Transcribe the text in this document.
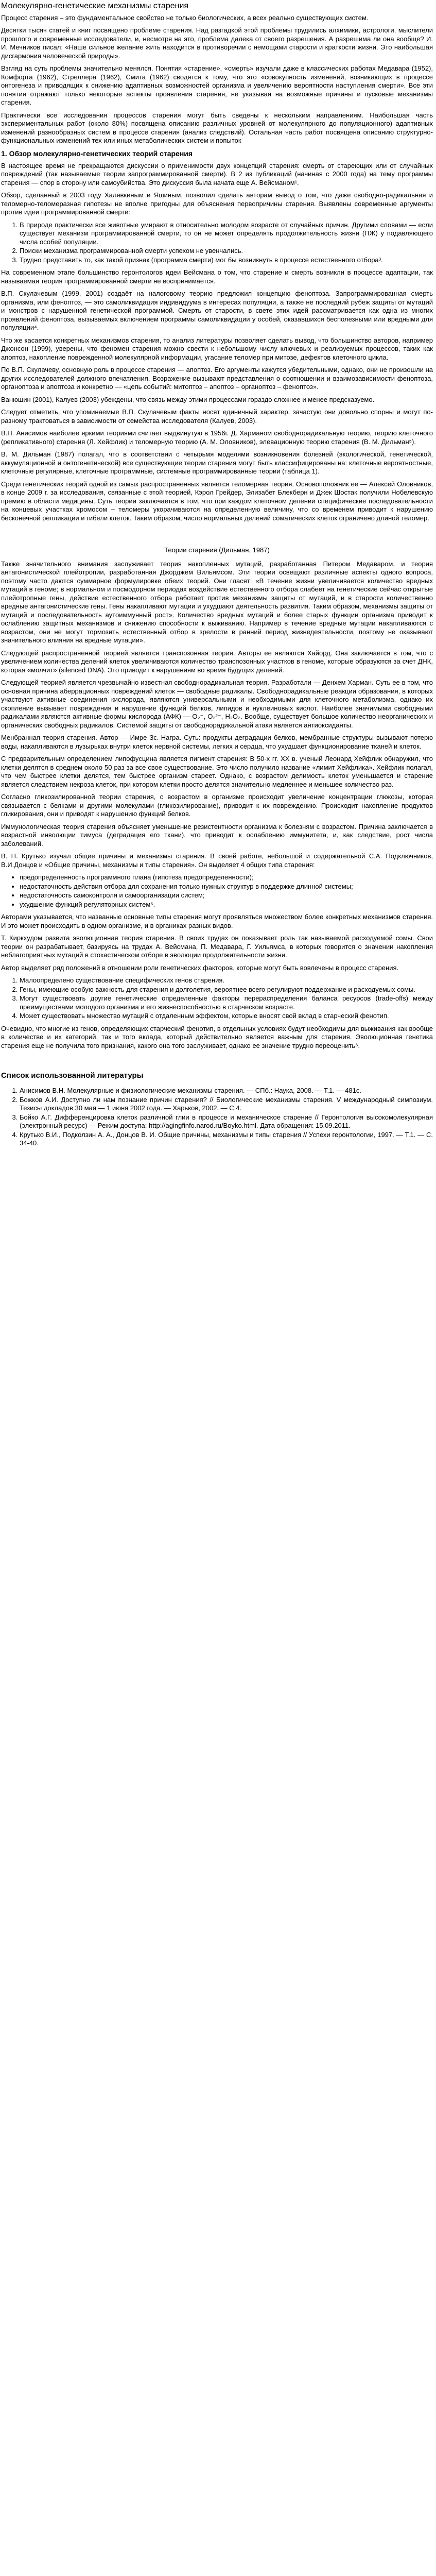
Молекулярно-генетические механизмы старения

Процесс старения – это фундаментальное свойство не только биологических, а всех реально существующих систем.

Десятки тысяч статей и книг посвящено проблеме старения. Над разгадкой этой проблемы трудились алхимики, астрологи, мыслители прошлого и современные исследователи, и, несмотря на это, проблема далека от своего разрешения. А разрешима ли она вообще? И. И. Мечников писал: «Наше сильное желание жить находится в противоречии с немощами старости и краткости жизни. Это наибольшая дисгармония человеческой природы».

Взгляд на суть проблемы значительно менялся. Понятия «старение», «смерть» изучали даже в классических работах Медавара (1952), Комфорта (1962), Стреллера (1962), Смита (1962) сводятся к тому, что это «совокупность изменений, возникающих в процессе онтогенеза и приводящих к снижению адаптивных возможностей организма и увеличению вероятности наступления смерти». Все эти понятия отражают только некоторые аспекты проявления старения, не указывая на возможные причины и пусковые механизмы старения.

Практически все исследования процессов старения могут быть сведены к нескольким направлениям. Наибольшая часть экспериментальных работ (около 80%) посвящена описанию различных уровней от молекулярного до популяционного) адаптивных изменений разнообразных систем в процессе старения (анализ следствий). Остальная часть работ посвящена описанию структурно-функциональных изменений тех или иных метаболических систем и попыток

1. Обзор молекулярно-генетических теорий старения

В настоящее время не прекращаются дискуссии о применимости двух концепций старения: смерть от стареющих или от случайных повреждений (так называемые теории запрограммированной смерти). В 2 из публикаций (начиная с 2000 года) на тему программы старения — спор в сторону или самоубийства. Это дискуссия была начата еще А. Вейсманом¹.

Обзор, сделанный в 2003 году Халявкиным и Яшиным, позволил сделать авторам вывод о том, что даже свободно-радикальная и теломерно-теломеразная гипотезы не вполне пригодны для объяснения первопричины старения. Выявлены современные аргументы против идеи программированной смерти:

1. В природе практически все животные умирают в относительно молодом возрасте от случайных причин. Другими словами — если существует механизм программированной смерти, то он не может определять продолжительность жизни (ПЖ) у подавляющего числа особей популяции.
2. Поиски механизма программированной смерти успехом не увенчались.
3. Трудно представить то, как такой признак (программа смерти) мог бы возникнуть в процессе естественного отбора³.

На современном этапе большинство геронтологов идеи Вейсмана о том, что старение и смерть возникли в процессе адаптации, так называемая теория программированной смерти не воспринимается.

В.П. Скулачевым (1999, 2001) создаёт на налоговому теорию предложил концепцию феноптоза. Запрограммированная смерть организма, или феноптоз, — это самоликвидация индивидуума в интересах популяции, а также не последний рубеж защиты от мутаций и монстров с нарушенной генетической программой. Смерть от старости, в свете этих идей рассматривается как одна из многих проявлений феноптоза, вызываемых включением программы самоликвидации у особей, оказавшихся бесполезными или вредными для популяции⁴.

Что же касается конкретных механизмов старения, то анализ литературы позволяет сделать вывод, что большинство авторов, например Джонсон (1999), уверены, что феномен старения можно свести к небольшому числу ключевых и реализуемых процессов, таких как апоптоз, накопление поврежденной молекулярной информации, угасание теломер при митозе, дефектов клеточного цикла.

По В.П. Скулачеву, основную роль в процессе старения — апоптоз. Его аргументы кажутся убедительными, однако, они не произошли на других исследователей должного впечатления. Возражение вызывают представления о соотношении и взаимозависимости феноптоза, органоптоза и апоптоза и конкретно — «цепь событий: митоптоз – апоптоз – органоптоз – феноптоз».

Ванюшин (2001), Калуев (2003) убеждены, что связь между этими процессами гораздо сложнее и менее предсказуемо.

Следует отметить, что упоминаемые В.П. Скулачевым факты носят единичный характер, зачастую они довольно спорны и могут по-разному трактоваться в зависимости от семейства исследователя (Калуев, 2003).

В.Н. Анисимов наиболее яркими теориями считает выдвинутую в 1956г. Д. Харманом свободнорадикальную теорию, теорию клеточного (репликативного) старения (Л. Хейфлик) и теломерную теорию (А. М. Оловников), элевационную теорию старения (В. М. Дильман⁵).

В. М. Дильман (1987) полагал, что в соответствии с четырьмя моделями возникновения болезней (экологической, генетической, аккумуляционной и онтогенетической) все существующие теории старения могут быть классифицированы на: клеточные вероятностные, клеточные регулярные, клеточные программные, системные программированные теории (таблица 1).

Среди генетических теорий одной из самых распространенных является теломерная теория. Основоположник ее — Алексей Оловников, в конце 2009 г. за исследования, связанные с этой теорией, Кэрол Грейдер, Элизабет Блекберн и Джек Шостак получили Нобелевскую премию в области медицины. Суть теории заключается в том, что при каждом клеточном делении специфические последовательности на концевых участках хромосом – теломеры укорачиваются на определенную величину, что со временем приводит к нарушению бесконечной репликации и гибели клеток. Таким образом, число нормальных делений соматических клеток ограничено длиной теломер.

Теории старения (Дильман, 1987)

Также значительного внимания заслуживает теория накопленных мутаций, разработанная Питером Медаваром, и теория антагонистической плейотропии, разработанная Джорджем Вильямсом. Эти теории освещают различные аспекты одного вопроса, поэтому часто даются суммарное формулировке обеих теорий. Они гласят: «В течение жизни увеличивается количество вредных мутаций в геноме; в нормальном и посмодорном периодах воздействие естественного отбора слабеет на генетические сейчас открытые плейотропные гены, действие естественного отбора работает против механизмы защиты от мутаций, и в старости количественно вредные антагонистические гены. Гены накапливают мутации и ухудшают деятельность развития. Таким образом, механизмы защиты от мутаций и последовательность аутоиммунный рост». Количество вредных мутаций и более старых функции организма приводит к ослаблению защитных механизмов и снижению способности к выживанию. Например в течение вредные мутации накапливаются с возрастом, они не могут тормозить естественный отбор в зрелости в ранний период жизнедеятельности, поэтому не оказывают значительного влияния на вредные мутации».

Следующей распространенной теорией является транспозонная теория. Авторы ее являются Хайорд. Она заключается в том, что с увеличением количества делений клеток увеличиваются количество транспозонных участков в геноме, которые образуются за счет ДНК, которая «молчит» (silenced DNA). Это приводит к нарушениям во время будущих делений.

Следующей теорией является чрезвычайно известная свободнорадикальная теория. Разработали — Денхем Харман. Суть ее в том, что основная причина аберрационных повреждений клеток — свободные радикалы. Свободнорадикальные реакции образования, в которых участвуют активные соединения кислорода, являются универсальными и необходимыми для клеточного метаболизма, однако их скопление вызывает повреждения и нарушение функций белков, липидов и нуклеиновых кислот. Наиболее значимыми свободными радикалами являются активные формы кислорода (АФК) — O₂⁻, O₂²⁻, H₂O₂. Вообще, существует большое количество неорганических и органических свободных радикалов. Системой защиты от свободнорадикальной атаки является антиоксиданты.

Менбранная теория старения. Автор — Имре Зс.-Награ. Суть: продукты деградации белков, мембранные структуры вызывают потерю воды, накапливаются в лузырьках внутри клеток нервной системы, легких и сердца, что ухудшает функционирование тканей и клеток.

С предварительным определением липофусцина является пигмент старения: В 50-х гг. XX в. ученый Леонард Хейфлик обнаружил, что клетки делятся в среднем около 50 раз за все свое существование. Это число получило название «лимит Хейфлика». Хейфлик полагал, что чем быстрее клетки делятся, тем быстрее организм стареет. Однако, с возрастом делимость клеток уменьшается и старение является следствием некроза клеток, при котором клетки просто делятся значительно медленнее и меньшее количество раз.

Согласно гликозилированной теории старения, с возрастом в организме происходит увеличение концентрации глюкозы, которая связывается с белками и другими молекулами (гликозилирование), приводит к их повреждению. Происходит накопление продуктов гликирования, они и приводят к нарушению функций белков.

Иммунологическая теория старения объясняет уменьшение резистентности организма к болезням с возрастом. Причина заключается в возрастной инволюции тимуса (деградация его ткани), что приводит к ослаблению иммунитета, и, как следствие, рост числа заболеваний.

В. Н. Крутько изучал общие причины и механизмы старения. В своей работе, небольшой и содержательной С.А. Подключников, В.И.Донцов и «Общие причины, механизмы и типы старения». Он выделяет 4 общих типа старения:

• предопределенность программного плана (гипотеза предопределенности);
• недостаточность действия отбора для сохранения только нужных структур в поддержке длинной системы;
• недостаточность самоконтроля и самоорганизации систем;
• ухудшение функций регуляторных систем⁶.

Авторами указывается, что названные основные типы старения могут проявляться множеством более конкретных механизмов старения. И это может происходить в одном организме, и в органиках разных видов.

Т. Киркхудом развита эволюционная теория старения. В своих трудах он показывает роль так называемой расходуемой сомы. Свои теории он разрабатывает, базируясь на трудах А. Вейсмана, П. Медавара, Г. Уильямса, в которых говорится о значении накопления неблагоприятных мутаций в стохастическом отборе в эволюции продолжительности жизни.

Автор выделяет ряд положений в отношении роли генетических факторов, которые могут быть вовлечены в процесс старения.

1. Малоопределено существование специфических генов старения.
2. Гены, имеющие особую важность для старения и долголетия, вероятнее всего регулируют поддержание и расходуемых сомы.
3. Могут существовать другие генетические определенные факторы перераспределения баланса ресурсов (trade-offs) между преимуществами молодого организма и его жизнеспособностью в старческом возрасте.
4. Может существовать множество мутаций с отдаленным эффектом, которые вносят свой вклад в старческий фенотип.

Очевидно, что многие из генов, определяющих старческий фенотип, в отдельных условиях будут необходимы для выживания как вообще в количестве и их категорий, так и того вклада, который действительно является важным для старения. Эволюционная генетика старения еще не получила того признания, какого она того заслуживает, однако ее значение трудно переоценить⁶.

Список использованной литературы
1. Анисимов В.Н. Молекулярные и физиологические механизмы старения. — СПб.: Наука, 2008. — Т.1. — 481с.
2. Божков А.И. Доступно ли нам познание причин старения? // Биологические механизмы старения. V международный симпозиум. Тезисы докладов 30 мая — 1 июня 2002 года. — Харьков, 2002. — С.4.
3. Бойко А.Г. Дифференцировка клеток различной глии в процессе и механическое старение // Геронтология высокомолекулярная (электронный ресурс) — Режим доступа: http://agingfinfo.narod.ru/Boyko.html. Дата обращения: 15.09.2011.
4. Крутько В.И., Подколзин А. А., Донцов В. И. Общие причины, механизмы и типы старения // Успехи геронтологии, 1997. — Т.1. — С. 34-40.
